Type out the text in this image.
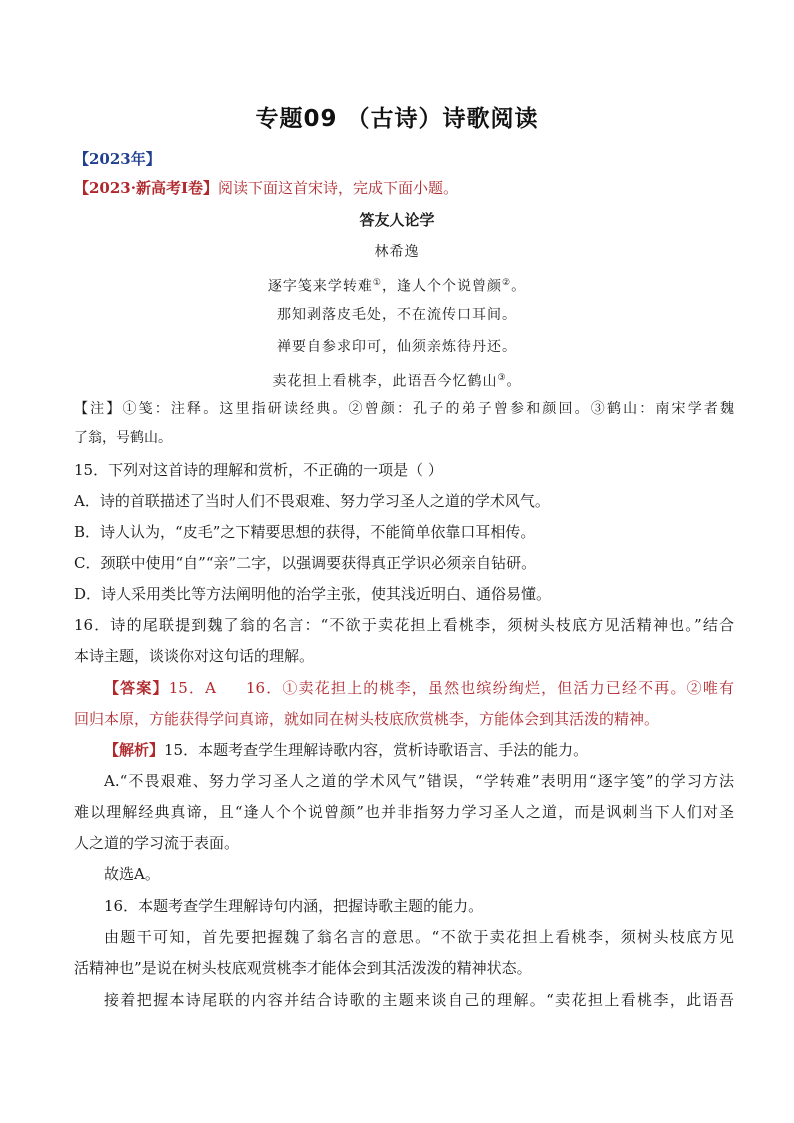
专题09 （古诗）诗歌阅读
【2023年】
【2023·新高考Ⅰ卷】阅读下面这首宋诗，完成下面小题。
答友人论学
林希逸
逐字笺来学转难①，逢人个个说曾颜②。
那知剥落皮毛处，不在流传口耳间。
禅要自参求印可，仙须亲炼待丹还。
卖花担上看桃李，此语吾今忆鹤山③。
【注】①笺：注释。这里指研读经典。②曾颜：孔子的弟子曾参和颜回。③鹤山：南宋学者魏
了翁，号鹤山。
15．下列对这首诗的理解和赏析，不正确的一项是（ ）
A．诗的首联描述了当时人们不畏艰难、努力学习圣人之道的学术风气。
B．诗人认为，“皮毛”之下精要思想的获得，不能简单依靠口耳相传。
C．颈联中使用“自”“亲”二字，以强调要获得真正学识必须亲自钻研。
D．诗人采用类比等方法阐明他的治学主张，使其浅近明白、通俗易懂。
16．诗的尾联提到魏了翁的名言：“不欲于卖花担上看桃李，须树头枝底方见活精神也。”结合
本诗主题，谈谈你对这句话的理解。
【答案】15．A 16．①卖花担上的桃李，虽然也缤纷绚烂，但活力已经不再。②唯有
回归本原，方能获得学问真谛，就如同在树头枝底欣赏桃李，方能体会到其活泼的精神。
【解析】15．本题考查学生理解诗歌内容，赏析诗歌语言、手法的能力。
A.“不畏艰难、努力学习圣人之道的学术风气”错误，“学转难”表明用“逐字笺”的学习方法
难以理解经典真谛，且“逢人个个说曾颜”也并非指努力学习圣人之道，而是讽刺当下人们对圣
人之道的学习流于表面。
故选A。
16．本题考查学生理解诗句内涵，把握诗歌主题的能力。
由题干可知，首先要把握魏了翁名言的意思。“不欲于卖花担上看桃李，须树头枝底方见
活精神也”是说在树头枝底观赏桃李才能体会到其活泼泼的精神状态。
接着把握本诗尾联的内容并结合诗歌的主题来谈自己的理解。“卖花担上看桃李，此语吾
